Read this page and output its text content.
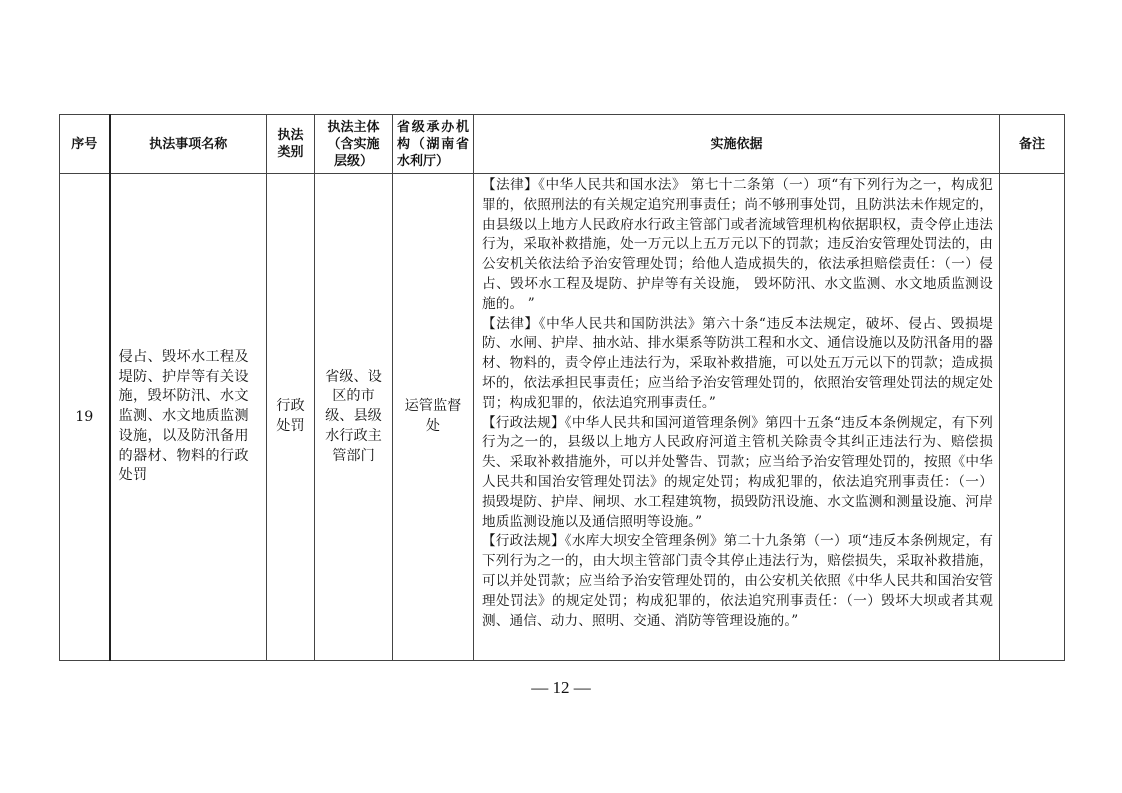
序号	执法事项名称	执法类别	执法主体（含实施层级）	省级承办机构（湖南省水利厅）	实施依据	备注
19	侵占、毁坏水工程及堤防、护岸等有关设施，毁坏防汛、水文监测、水文地质监测设施，以及防汛备用的器材、物料的行政处罚	行政处罚	省级、设区的市级、县级水行政主管部门	运管监督处	【法律】《中华人民共和国水法》 第七十二条第（一）项“有下列行为之一，构成犯罪的，依照刑法的有关规定追究刑事责任；尚不够刑事处罚，且防洪法未作规定的， 由县级以上地方人民政府水行政主管部门或者流域管理机构依据职权，责令停止违法行为，采取补救措施，处一万元以上五万元以下的罚款；违反治安管理处罚法的，由公安机关依法给予治安管理处罚；给他人造成损失的，依法承担赔偿责任：（一）侵占、毁坏水工程及堤防、护岸等有关设施， 毁坏防汛、水文监测、水文地质监测设施的。 ”

【法律】《中华人民共和国防洪法》第六十条“违反本法规定，破坏、侵占、毁损堤防、水闸、护岸、抽水站、排水渠系等防洪工程和水文、通信设施以及防汛备用的器材、物料的，责令停止违法行为，采取补救措施，可以处五万元以下的罚款；造成损坏的，依法承担民事责任；应当给予治安管理处罚的，依照治安管理处罚法的规定处罚；构成犯罪的，依法追究刑事责任。”

【行政法规】《中华人民共和国河道管理条例》第四十五条“违反本条例规定，有下列行为之一的，县级以上地方人民政府河道主管机关除责令其纠正违法行为、赔偿损失、采取补救措施外，可以并处警告、罚款；应当给予治安管理处罚的，按照《中华人民共和国治安管理处罚法》的规定处罚；构成犯罪的，依法追究刑事责任：（一）损毁堤防、护岸、闸坝、水工程建筑物，损毁防汛设施、水文监测和测量设施、河岸地质监测设施以及通信照明等设施。”

【行政法规】《水库大坝安全管理条例》第二十九条第（一）项“违反本条例规定，有下列行为之一的，由大坝主管部门责令其停止违法行为，赔偿损失，采取补救措施，可以并处罚款；应当给予治安管理处罚的，由公安机关依照《中华人民共和国治安管理处罚法》的规定处罚；构成犯罪的，依法追究刑事责任：（一）毁坏大坝或者其观测、通信、动力、照明、交通、消防等管理设施的。”	

— 12 —
